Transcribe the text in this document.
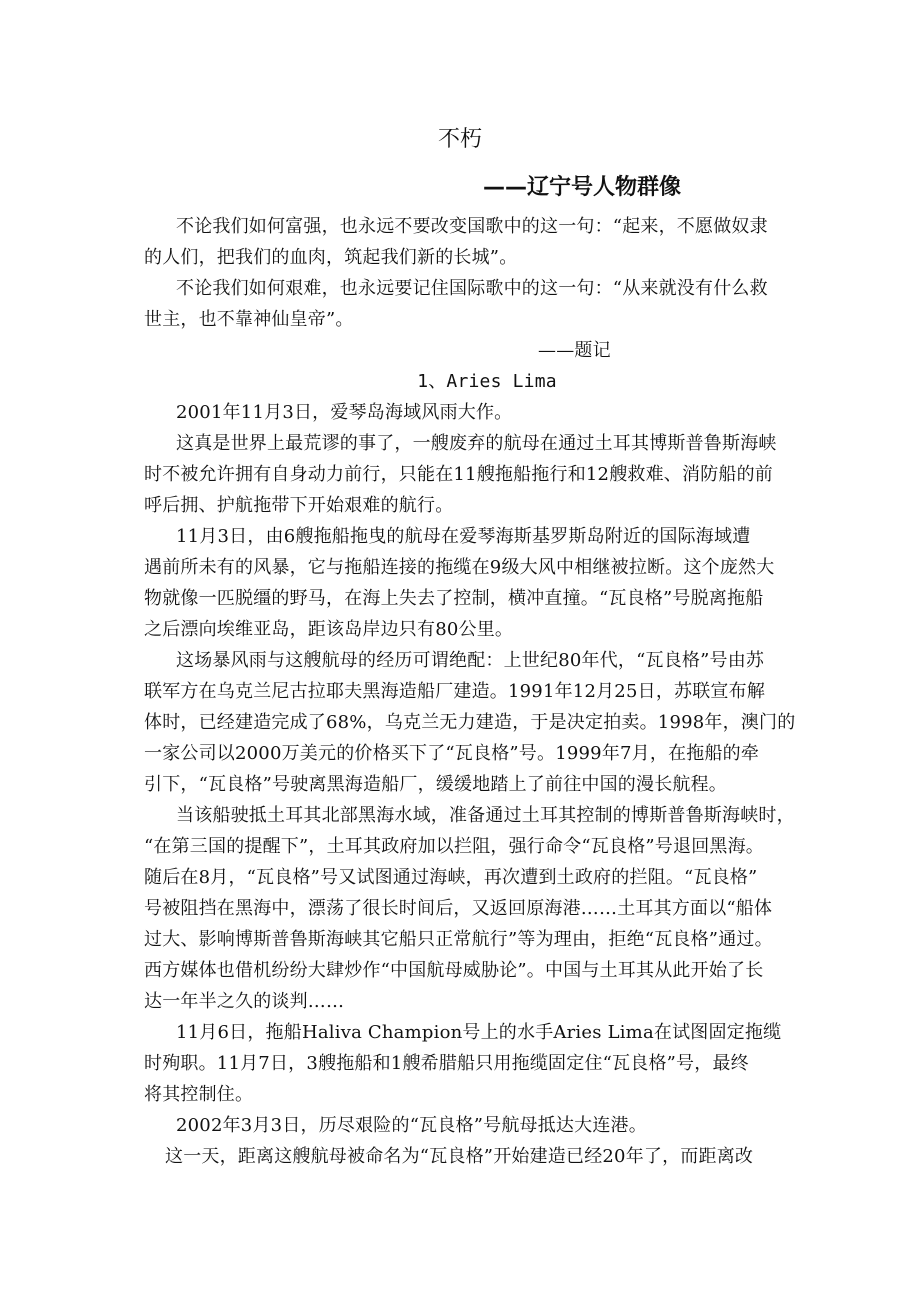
不朽
——辽宁号人物群像
不论我们如何富强，也永远不要改变国歌中的这一句：“起来，不愿做奴隶
的人们，把我们的血肉，筑起我们新的长城”。
不论我们如何艰难，也永远要记住国际歌中的这一句：“从来就没有什么救
世主，也不靠神仙皇帝”。
——题记
1、Aries Lima
2001年11月3日，爱琴岛海域风雨大作。
这真是世界上最荒谬的事了，一艘废弃的航母在通过土耳其博斯普鲁斯海峡
时不被允许拥有自身动力前行，只能在11艘拖船拖行和12艘救难、消防船的前
呼后拥、护航拖带下开始艰难的航行。
11月3日，由6艘拖船拖曳的航母在爱琴海斯基罗斯岛附近的国际海域遭
遇前所未有的风暴，它与拖船连接的拖缆在9级大风中相继被拉断。这个庞然大
物就像一匹脱缰的野马，在海上失去了控制，横冲直撞。“瓦良格”号脱离拖船
之后漂向埃维亚岛，距该岛岸边只有80公里。
这场暴风雨与这艘航母的经历可谓绝配：上世纪80年代，“瓦良格”号由苏
联军方在乌克兰尼古拉耶夫黑海造船厂建造。1991年12月25日，苏联宣布解
体时，已经建造完成了68%，乌克兰无力建造，于是决定拍卖。1998年，澳门的
一家公司以2000万美元的价格买下了“瓦良格”号。1999年7月，在拖船的牵
引下，“瓦良格”号驶离黑海造船厂，缓缓地踏上了前往中国的漫长航程。
当该船驶抵土耳其北部黑海水域，准备通过土耳其控制的博斯普鲁斯海峡时，
“在第三国的提醒下”，土耳其政府加以拦阻，强行命令“瓦良格”号退回黑海。
随后在8月，“瓦良格”号又试图通过海峡，再次遭到土政府的拦阻。“瓦良格”
号被阻挡在黑海中，漂荡了很长时间后，又返回原海港……土耳其方面以“船体
过大、影响博斯普鲁斯海峡其它船只正常航行”等为理由，拒绝“瓦良格”通过。
西方媒体也借机纷纷大肆炒作“中国航母威胁论”。中国与土耳其从此开始了长
达一年半之久的谈判……
11月6日，拖船Haliva Champion号上的水手Aries Lima在试图固定拖缆
时殉职。11月7日，3艘拖船和1艘希腊船只用拖缆固定住“瓦良格”号，最终
将其控制住。
2002年3月3日，历尽艰险的“瓦良格”号航母抵达大连港。
这一天，距离这艘航母被命名为“瓦良格”开始建造已经20年了，而距离改
